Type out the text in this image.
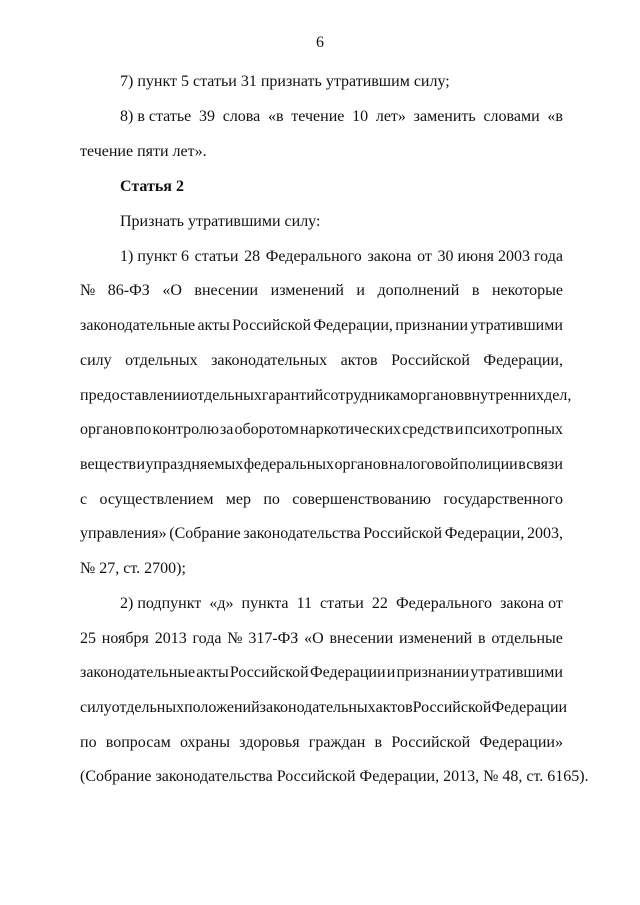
6
7) пункт 5 статьи 31 признать утратившим силу;
8) в статье 39 слова «в течение 10 лет» заменить словами «в
течение пяти лет».
Статья 2
Признать утратившими силу:
1) пункт 6 статьи 28 Федерального закона от 30 июня 2003 года
№ 86-ФЗ «О внесении изменений и дополнений в некоторые
законодательные акты Российской Федерации, признании утратившими
силу отдельных законодательных актов Российской Федерации,
предоставлении отдельных гарантий сотрудникам органов внутренних дел,
органов по контролю за оборотом наркотических средств и психотропных
веществ и упраздняемых федеральных органов налоговой полиции в связи
с осуществлением мер по совершенствованию государственного
управления» (Собрание законодательства Российской Федерации, 2003,
№ 27, ст. 2700);
2) подпункт «д» пункта 11 статьи 22 Федерального закона от
25 ноября 2013 года № 317-ФЗ «О внесении изменений в отдельные
законодательные акты Российской Федерации и признании утратившими
силу отдельных положений законодательных актов Российской Федерации
по вопросам охраны здоровья граждан в Российской Федерации»
(Собрание законодательства Российской Федерации, 2013, № 48, ст. 6165).
